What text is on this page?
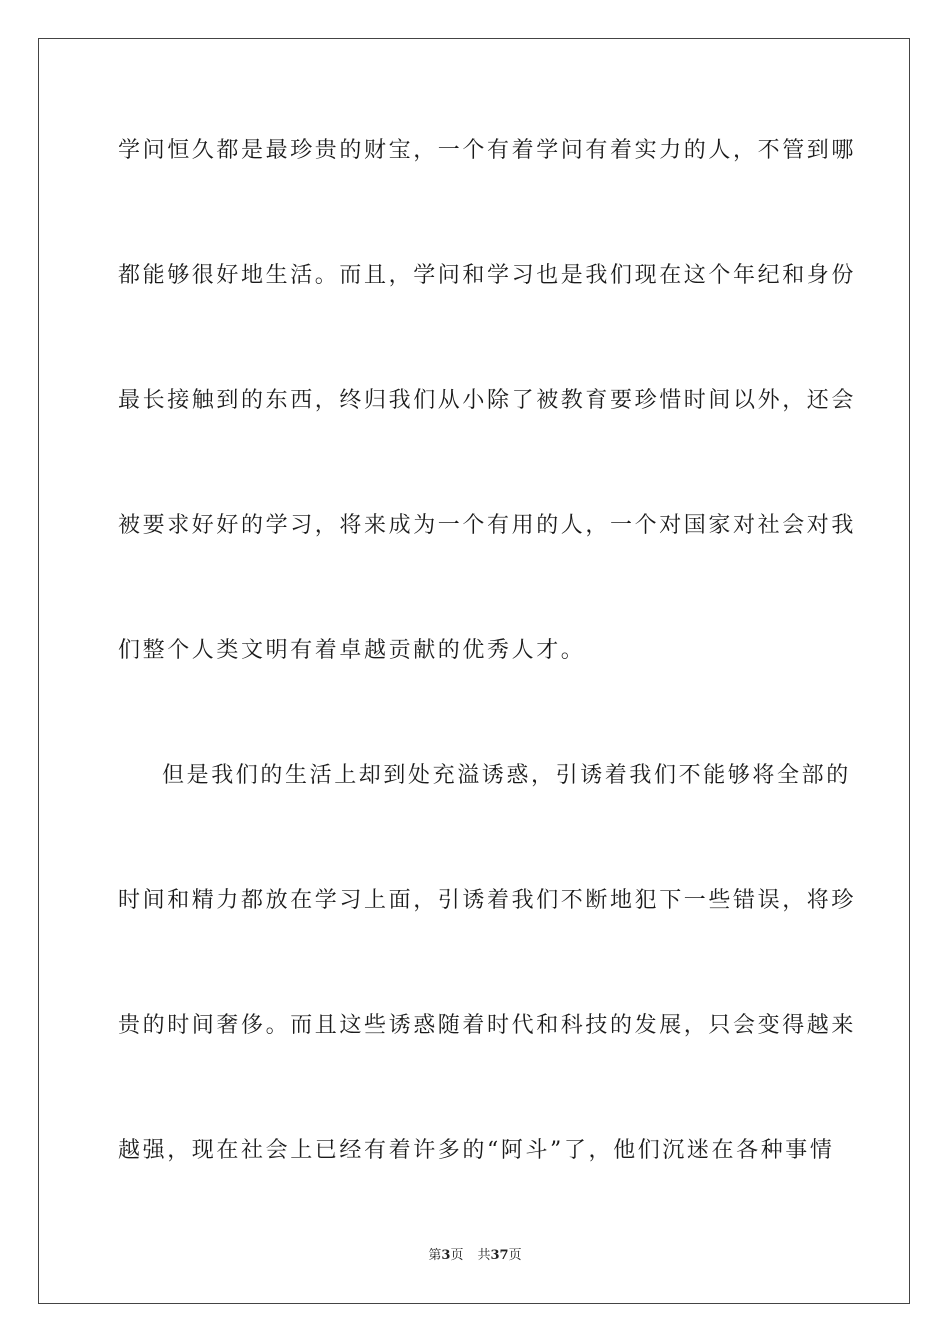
学问恒久都是最珍贵的财宝，一个有着学问有着实力的人，不管到哪
都能够很好地生活。而且，学问和学习也是我们现在这个年纪和身份
最长接触到的东西，终归我们从小除了被教育要珍惜时间以外，还会
被要求好好的学习，将来成为一个有用的人，一个对国家对社会对我
们整个人类文明有着卓越贡献的优秀人才。
但是我们的生活上却到处充溢诱惑，引诱着我们不能够将全部的
时间和精力都放在学习上面，引诱着我们不断地犯下一些错误，将珍
贵的时间奢侈。而且这些诱惑随着时代和科技的发展，只会变得越来
越强，现在社会上已经有着许多的“阿斗”了，他们沉迷在各种事情
第3页 共37页
